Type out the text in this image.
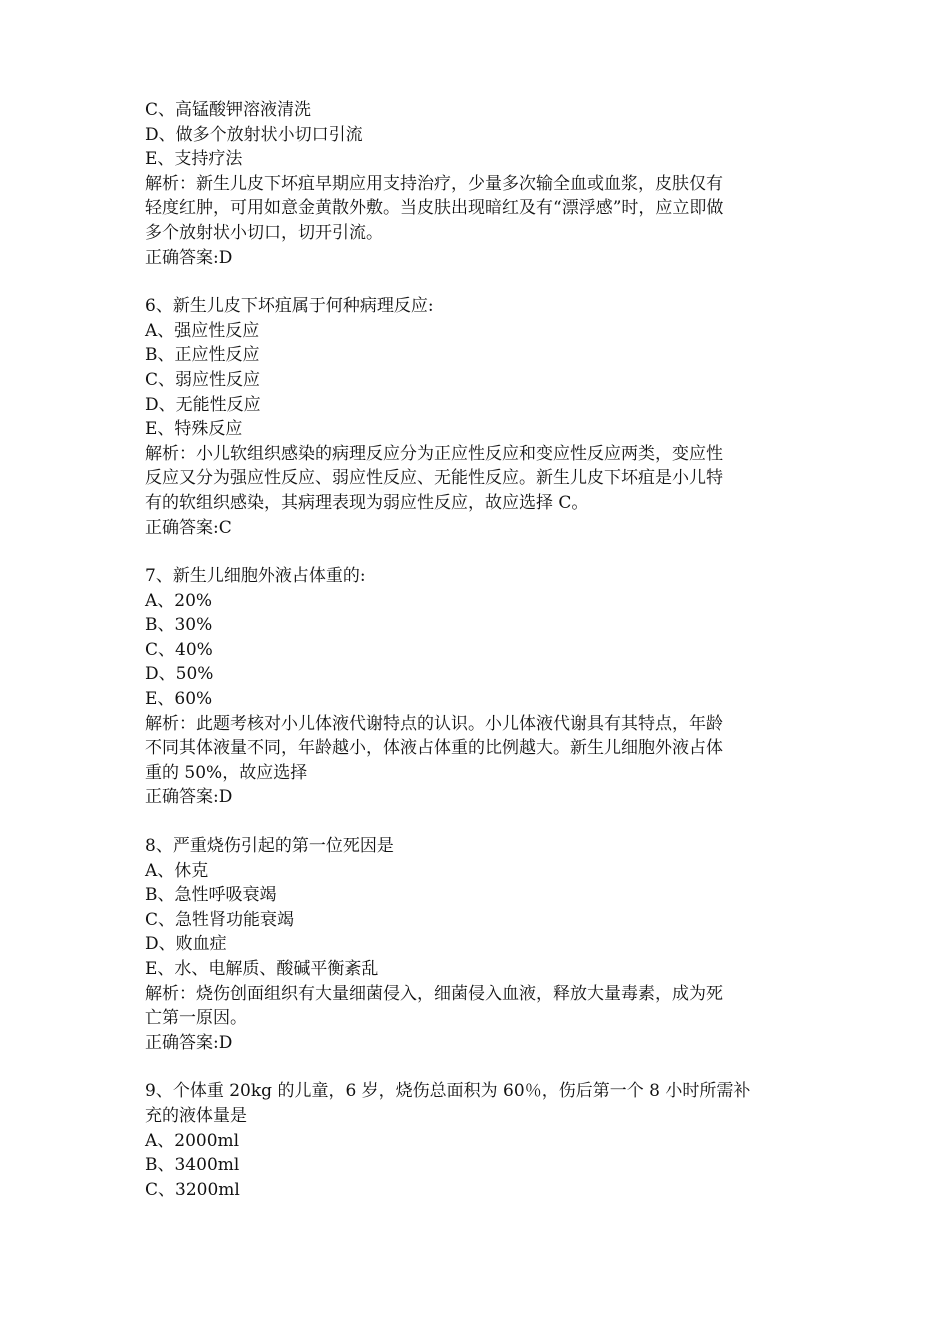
C、高锰酸钾溶液清洗
D、做多个放射状小切口引流
E、支持疗法
解析：新生儿皮下坏疽早期应用支持治疗，少量多次输全血或血浆，皮肤仅有
轻度红肿，可用如意金黄散外敷。当皮肤出现暗红及有“漂浮感”时，应立即做
多个放射状小切口，切开引流。
正确答案:D
6、新生儿皮下坏疽属于何种病理反应:
A、强应性反应
B、正应性反应
C、弱应性反应
D、无能性反应
E、特殊反应
解析：小儿软组织感染的病理反应分为正应性反应和变应性反应两类，变应性
反应又分为强应性反应、弱应性反应、无能性反应。新生儿皮下坏疽是小儿特
有的软组织感染，其病理表现为弱应性反应，故应选择 C。
正确答案:C
7、新生儿细胞外液占体重的:
A、20%
B、30%
C、40%
D、50%
E、60%
解析：此题考核对小儿体液代谢特点的认识。小儿体液代谢具有其特点，年龄
不同其体液量不同，年龄越小，体液占体重的比例越大。新生儿细胞外液占体
重的 50%，故应选择
正确答案:D
8、严重烧伤引起的第一位死因是
A、休克
B、急性呼吸衰竭
C、急牲肾功能衰竭
D、败血症
E、水、电解质、酸碱平衡紊乱
解析：烧伤创面组织有大量细菌侵入，细菌侵入血液，释放大量毒素，成为死
亡第一原因。
正确答案:D
9、个体重 20kg 的儿童，6 岁，烧伤总面积为 60％，伤后第一个 8 小时所需补
充的液体量是
A、2000ml
B、3400ml
C、3200ml
